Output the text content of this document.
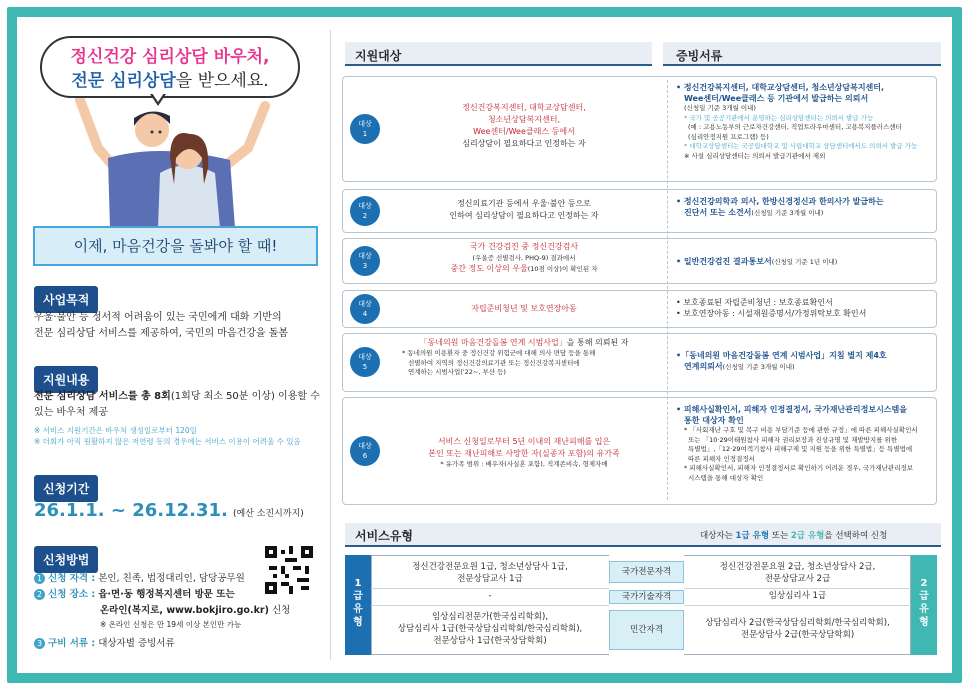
정신건강 심리상담 바우처,
전문 심리상담을 받으세요.
이제, 마음건강을 돌봐야 할 때!
사업목적
우울·불안 등 정서적 어려움이 있는 국민에게 대화 기반의
전문 심리상담 서비스를 제공하여, 국민의 마음건강을 돌봄
지원내용
전문 심리상담 서비스를 총 8회(1회당 최소 50분 이상) 이용할 수
있는 바우처 제공
※ 서비스 지원기간은 바우처 생성일로부터 120일
※ 더회가 아직 원활하지 않은 저연령 등의 경우에는 서비스 이용이 어려울 수 있음
신청기간
26.1.1. ~ 26.12.31. (예산 소진시까지)
신청방법
1 신청 자격 : 본인, 친족, 법정대리인, 담당공무원
2 신청 장소 : 읍·면·동 행정복지센터 방문 또는
온라인(복지로, www.bokjiro.go.kr) 신청
※ 온라인 신청은 만 19세 이상 본인만 가능
3 구비 서류 : 대상자별 증빙서류
지원대상	증빙서류
대상
1
대상
2
대상
3
대상
4
대상
5
대상
6
정신건강복지센터, 대학교상담센터,
청소년상담복지센터,
Wee센터/Wee클래스 등에서
심리상담이 필요하다고 인정하는 자
정신의료기관 등에서 우울·불안 등으로
인하여 심리상담이 필요하다고 인정하는 자
국가 건강검진 중 정신건강검사
(우울증 선별검사, PHQ-9) 결과에서
중간 정도 이상의 우울(10점 이상)이 확인된 자
자립준비청년 및 보호연장아동
「동네의원 마음건강돌봄 연계 시범사업」을 통해 의뢰된 자
* 동네의원 이용환자 중 정신건강 위험군에 대해 의사 면담 등을 통해
선별하여 지역의 정신건강의료기관 또는 정신건강복지센터에
연계하는 시범사업('22~, 부산 등)
서비스 신청일로부터 5년 이내의 재난피해를 입은
본인 또는 재난피해로 사망한 자(실종자 포함)의 유가족
* 유가족 범위 : 배우자(사실혼 포함), 직계존비속, 형제자매
• 정신건강복지센터, 대학교상담센터, 청소년상담복지센터,
Wee센터/Wee클래스 등 기관에서 발급하는 의뢰서
(신청일 기준 3개월 이내)
* 국가 및 공공기관에서 운영하는 심리상담센터는 의뢰서 발급 가능
(예 : 고용노동부의 근로자건강센터, 직업트라우마센터, 고용복지플러스센터
(심리안정지원 프로그램) 등)
* 대학교상담센터는 국공립대학교 및 사립대학교 상담센터에서도 의뢰서 발급 가능
※ 사설 심리상담센터는 의뢰서 발급기관에서 제외
• 정신건강의학과 의사, 한방신경정신과 한의사가 발급하는
진단서 또는 소견서(신청일 기준 3개월 이내)
• 일반건강검진 결과통보서(신청일 기준 1년 이내)
• 보호종료된 자립준비청년 : 보호종료확인서
• 보호연장아동 : 시설재원증명서/가정위탁보호 확인서
•「동네의원 마음건강돌봄 연계 시범사업」지침 별지 제4호
연계의뢰서(신청일 기준 3개월 이내)
• 피해사실확인서, 피해자 인정결정서, 국가재난관리정보시스템을
통한 대상자 확인
* 「사회재난 구호 및 복구 비용 부담기준 등에 관한 규정」에 따른 피해사실확인서
또는 「10·29이태원참사 피해자 권리보장과 진상규명 및 재발방지를 위한
특별법」,「12·29여객기참사 피해구제 및 지원 등을 위한 특별법」등 특별법에
따른 피해자 인정결정서
* 피해사실확인서, 피해자 인정결정서로 확인하기 어려운 경우, 국가재난관리정보
시스템을 통해 대상자 확인
서비스유형	대상자는 1급 유형 또는 2급 유형을 선택하여 신청
1급유형
2급유형
국가전문자격
국가기술자격
민간자격
정신건강전문요원 1급, 청소년상담사 1급,
전문상담교사 1급
-
임상심리전문가(한국심리학회),
상담심리사 1급(한국상담심리학회/한국심리학회),
전문상담사 1급(한국상담학회)
정신건강전문요원 2급, 청소년상담사 2급,
전문상담교사 2급
임상심리사 1급
상담심리사 2급(한국상담심리학회/한국심리학회),
전문상담사 2급(한국상담학회)
